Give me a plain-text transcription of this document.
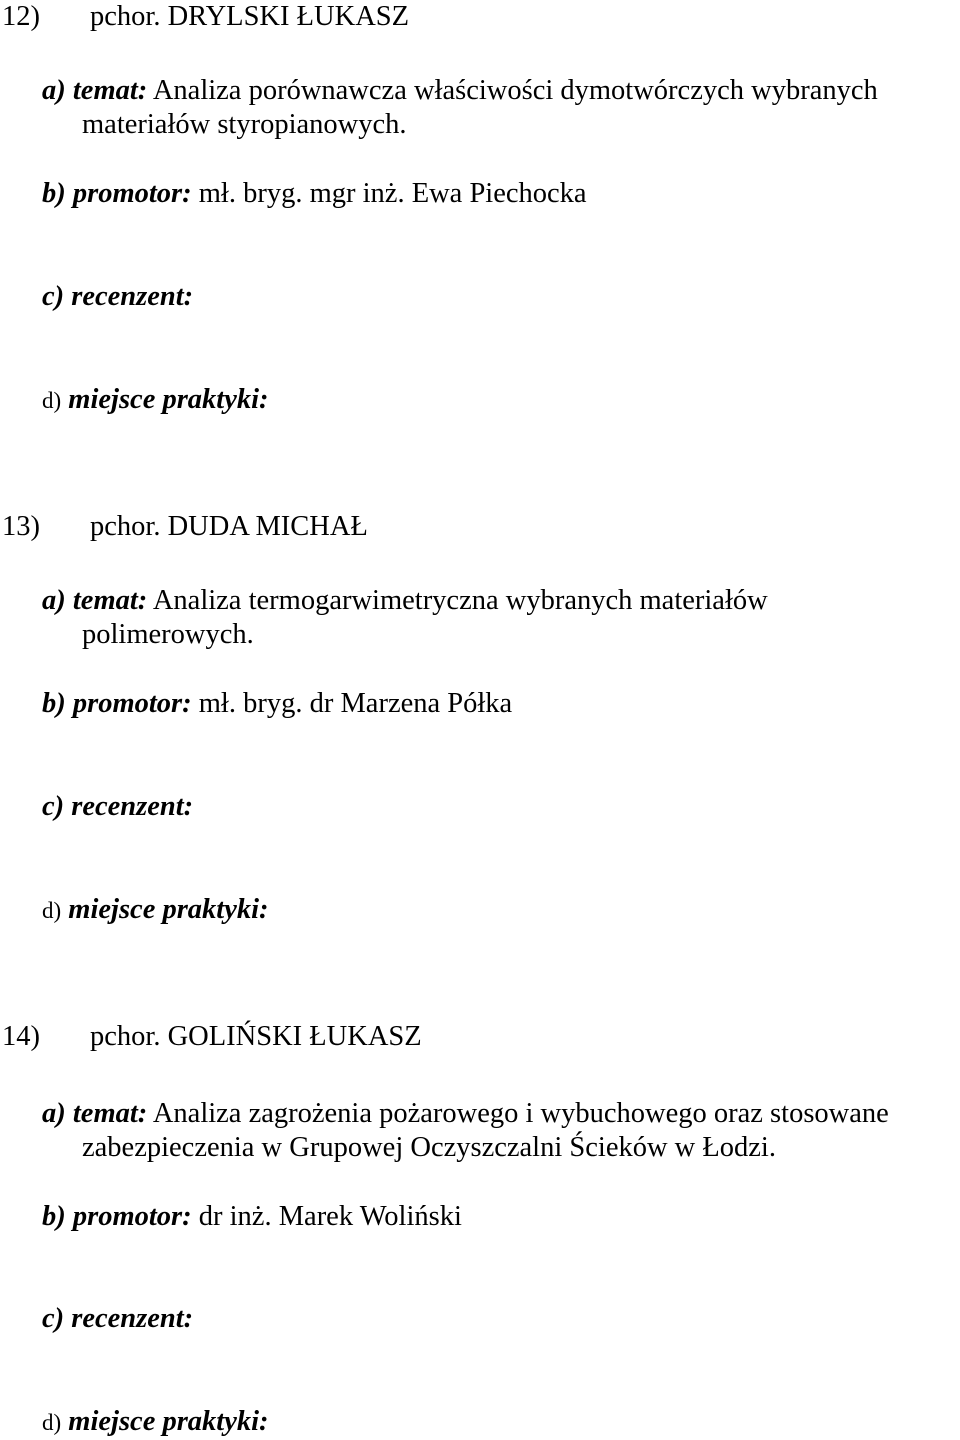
12) pchor. DRYLSKI ŁUKASZ
a) temat: Analiza porównawcza właściwości dymotwórczych wybranych
materiałów styropianowych.
b) promotor: mł. bryg. mgr inż. Ewa Piechocka
c) recenzent:
d) miejsce praktyki:
13) pchor. DUDA MICHAŁ
a) temat: Analiza termogarwimetryczna wybranych materiałów
polimerowych.
b) promotor: mł. bryg. dr Marzena Półka
c) recenzent:
d) miejsce praktyki:
14) pchor. GOLIŃSKI ŁUKASZ
a) temat: Analiza zagrożenia pożarowego i wybuchowego oraz stosowane
zabezpieczenia w Grupowej Oczyszczalni Ścieków w Łodzi.
b) promotor: dr inż. Marek Woliński
c) recenzent:
d) miejsce praktyki:
